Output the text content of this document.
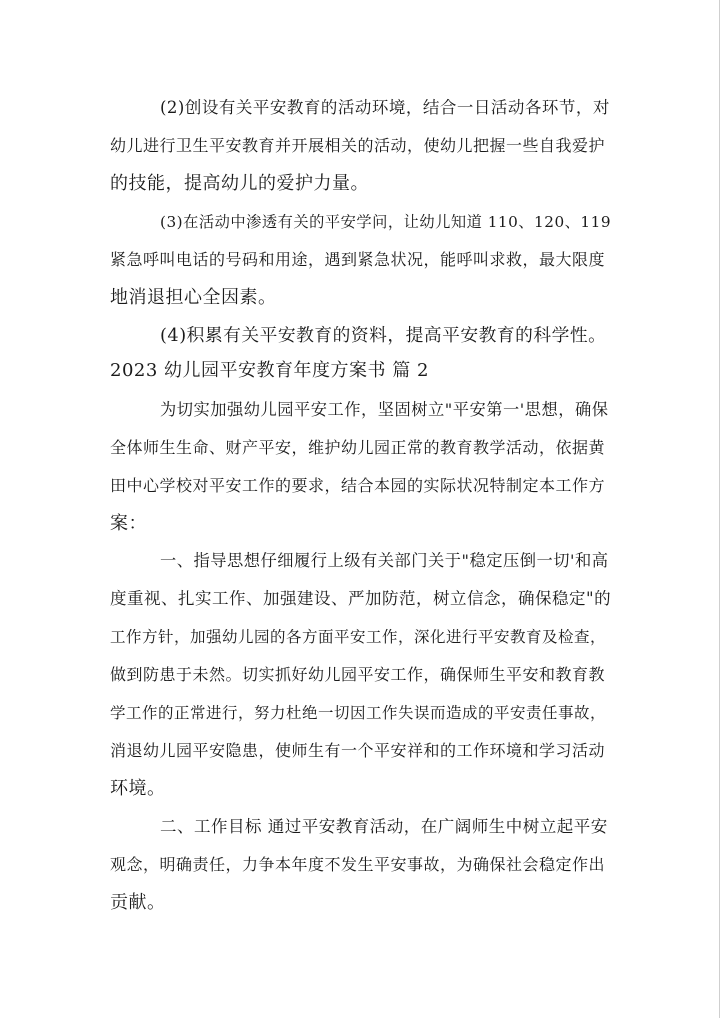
(2)创设有关平安教育的活动环境，结合一日活动各环节，对
幼儿进行卫生平安教育并开展相关的活动，使幼儿把握一些自我爱护
的技能，提高幼儿的爱护力量。
(3)在活动中渗透有关的平安学问，让幼儿知道 110、120、119
紧急呼叫电话的号码和用途，遇到紧急状况，能呼叫求救，最大限度
地消退担心全因素。
(4)积累有关平安教育的资料，提高平安教育的科学性。
2023 幼儿园平安教育年度方案书 篇 2
为切实加强幼儿园平安工作，坚固树立"平安第一'思想，确保
全体师生生命、财产平安，维护幼儿园正常的教育教学活动，依据黄
田中心学校对平安工作的要求，结合本园的实际状况特制定本工作方
案：
一、指导思想仔细履行上级有关部门关于"稳定压倒一切'和高
度重视、扎实工作、加强建设、严加防范，树立信念，确保稳定"的
工作方针，加强幼儿园的各方面平安工作，深化进行平安教育及检查，
做到防患于未然。切实抓好幼儿园平安工作，确保师生平安和教育教
学工作的正常进行，努力杜绝一切因工作失误而造成的平安责任事故，
消退幼儿园平安隐患，使师生有一个平安祥和的工作环境和学习活动
环境。
二、工作目标 通过平安教育活动，在广阔师生中树立起平安
观念，明确责任，力争本年度不发生平安事故，为确保社会稳定作出
贡献。
